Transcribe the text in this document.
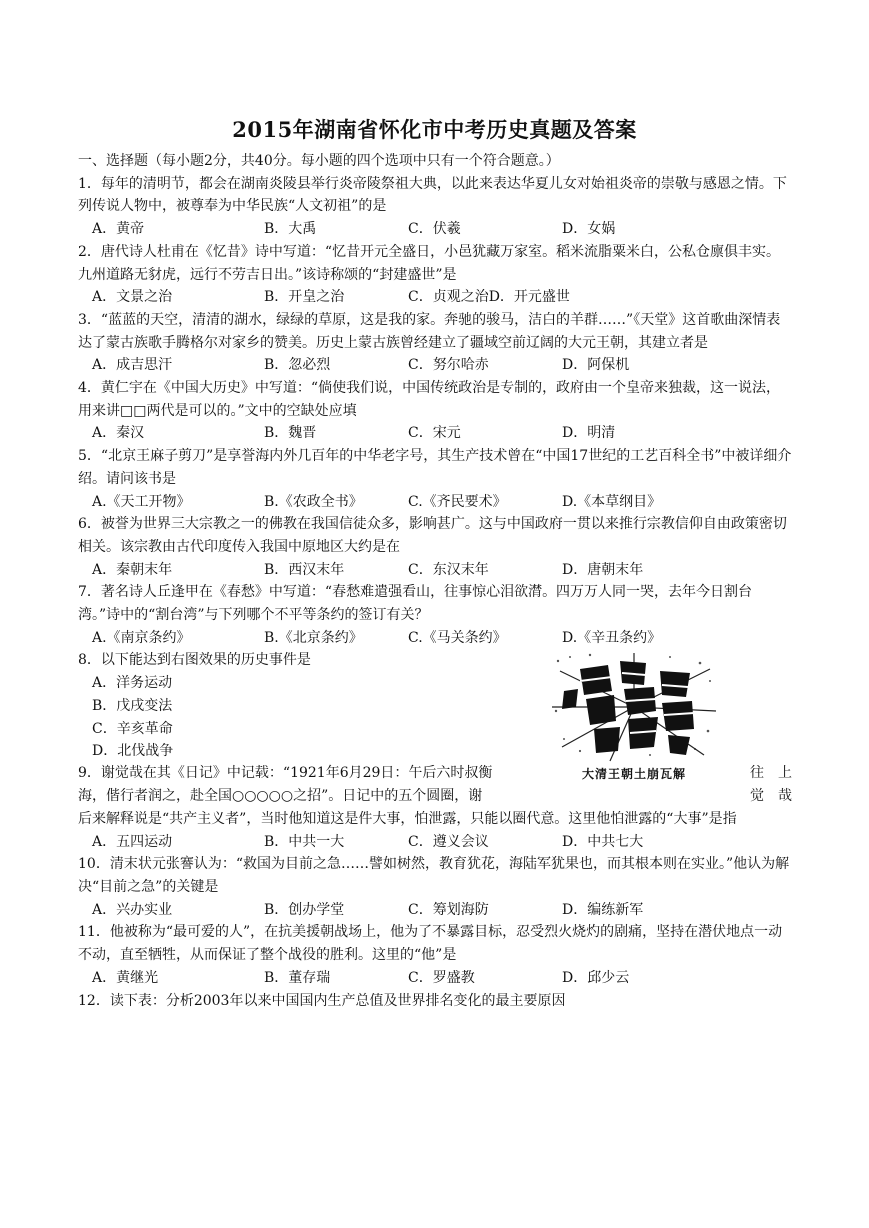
2015年湖南省怀化市中考历史真题及答案

一、选择题（每小题2分，共40分。每小题的四个选项中只有一个符合题意。）

1．每年的清明节，都会在湖南炎陵县举行炎帝陵祭祖大典，以此来表达华夏儿女对始祖炎帝的崇敬与感恩之情。下列传说人物中，被尊奉为中华民族“人文初祖”的是

A．黄帝	B．大禹	C．伏羲	D．女娲

2．唐代诗人杜甫在《忆昔》诗中写道：“忆昔开元全盛日，小邑犹藏万家室。稻米流脂粟米白，公私仓廪俱丰实。九州道路无豺虎，远行不劳吉日出。”该诗称颂的“封建盛世”是

A．文景之治	B．开皇之治	C．贞观之治D．开元盛世

3．“蓝蓝的天空，清清的湖水，绿绿的草原，这是我的家。奔驰的骏马，洁白的羊群……”《天堂》这首歌曲深情表达了蒙古族歌手腾格尔对家乡的赞美。历史上蒙古族曾经建立了疆域空前辽阔的大元王朝，其建立者是

A．成吉思汗	B．忽必烈	C．努尔哈赤	D．阿保机

4．黄仁宇在《中国大历史》中写道：“倘使我们说，中国传统政治是专制的，政府由一个皇帝来独裁，这一说法，用来讲□□两代是可以的。”文中的空缺处应填

A．秦汉	B．魏晋	C．宋元	D．明清

5．“北京王麻子剪刀”是享誉海内外几百年的中华老字号，其生产技术曾在“中国17世纪的工艺百科全书”中被详细介绍。请问该书是

A.《天工开物》	B.《农政全书》	C.《齐民要术》	D.《本草纲目》

6．被誉为世界三大宗教之一的佛教在我国信徒众多，影响甚广。这与中国政府一贯以来推行宗教信仰自由政策密切相关。该宗教由古代印度传入我国中原地区大约是在

A．秦朝末年	B．西汉末年	C．东汉末年	D．唐朝末年

7．著名诗人丘逢甲在《春愁》中写道：“春愁难遣强看山，往事惊心泪欲潸。四万万人同一哭，去年今日割台湾。”诗中的“割台湾”与下列哪个不平等条约的签订有关？

A.《南京条约》	B.《北京条约》	C.《马关条约》	D.《辛丑条约》

8．以下能达到右图效果的历史事件是

A．洋务运动
B．戊戌变法
C．辛亥革命
D．北伐战争
大清王朝土崩瓦解
9．谢觉哉在其《日记》中记载：“1921年6月29日：午后六时叔衡	往　上
海，偕行者润之，赴全国○○○○○之招”。日记中的五个圆圈，谢	觉　哉

后来解释说是“共产主义者”，当时他知道这是件大事，怕泄露，只能以圈代意。这里他怕泄露的“大事”是指

A．五四运动	B．中共一大	C．遵义会议	D．中共七大

10．清末状元张謇认为：“救国为目前之急……譬如树然，教育犹花，海陆军犹果也，而其根本则在实业。”他认为解决“目前之急”的关键是

A．兴办实业	B．创办学堂	C．筹划海防	D．编练新军

11．他被称为“最可爱的人”，在抗美援朝战场上，他为了不暴露目标，忍受烈火烧灼的剧痛，坚持在潜伏地点一动不动，直至牺牲，从而保证了整个战役的胜利。这里的“他”是

A．黄继光	B．董存瑞	C．罗盛教	D．邱少云

12．读下表：分析2003年以来中国国内生产总值及世界排名变化的最主要原因
